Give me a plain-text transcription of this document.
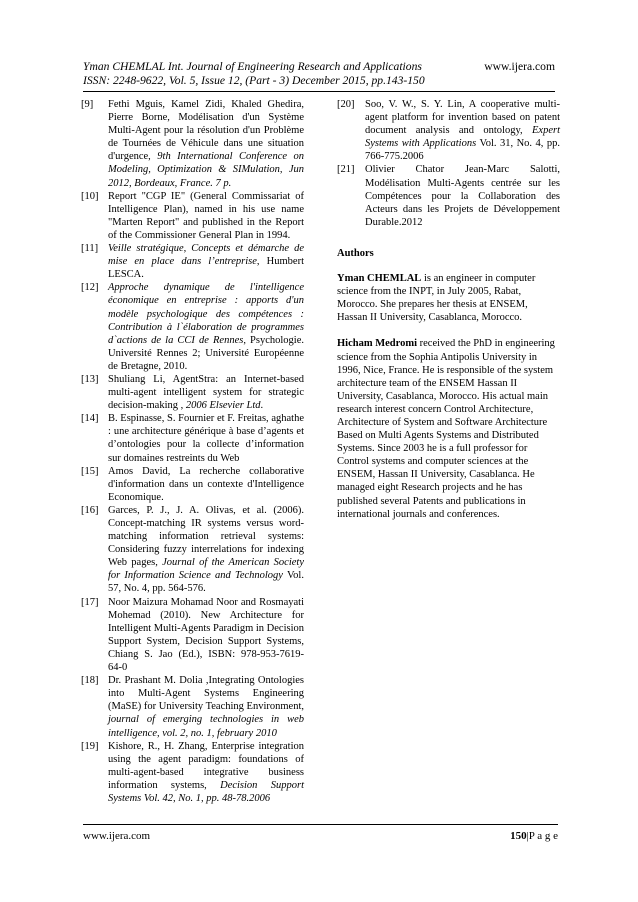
Yman CHEMLAL Int. Journal of Engineering Research and Applications	www.ijera.com
ISSN: 2248-9622, Vol. 5, Issue 12, (Part - 3) December 2015, pp.143-150
[9]	Fethi Mguis, Kamel Zidi, Khaled Ghedira, Pierre Borne, Modélisation d'un Système Multi-Agent pour la résolution d'un Problème de Tournées de Véhicule dans une situation d'urgence, 9th International Conference on Modeling, Optimization & SIMulation, Jun 2012, Bordeaux, France. 7 p.
[10] Report "CGP IE" (General Commissariat of Intelligence Plan), named in his use name "Marten Report" and published in the Report of the Commissioner General Plan in 1994.
[11] Veille stratégique, Concepts et démarche de mise en place dans l’entreprise, Humbert LESCA.
[12] Approche dynamique de l'intelligence économique en entreprise : apports d'un modèle psychologique des compétences : Contribution à l`élaboration de programmes d`actions de la CCI de Rennes, Psychologie. Université Rennes 2; Université Européenne de Bretagne, 2010.
[13] Shuliang Li, AgentStra: an Internet-based multi-agent intelligent system for strategic decision-making , 2006 Elsevier Ltd.
[14] B. Espinasse, S. Fournier et F. Freitas, aghathe : une architecture générique à base d’agents et d’ontologies pour la collecte d’information sur domaines restreints du Web
[15] Amos David, La recherche collaborative d'information dans un contexte d'Intelligence Economique.
[16] Garces, P. J., J. A. Olivas, et al. (2006). Concept-matching IR systems versus word-matching information retrieval systems: Considering fuzzy interrelations for indexing Web pages, Journal of the American Society for Information Science and Technology Vol. 57, No. 4, pp. 564-576.
[17] Noor Maizura Mohamad Noor and Rosmayati Mohemad (2010). New Architecture for Intelligent Multi-Agents Paradigm in Decision Support System, Decision Support Systems, Chiang S. Jao (Ed.), ISBN: 978-953-7619- 64-0
[18] Dr. Prashant M. Dolia ,Integrating Ontologies into Multi-Agent Systems Engineering (MaSE) for University Teaching Environment, journal of emerging technologies in web intelligence, vol. 2, no. 1, february 2010
[19] Kishore, R., H. Zhang, Enterprise integration using the agent paradigm: foundations of multi-agent-based integrative business information systems, Decision Support Systems Vol. 42, No. 1, pp. 48-78.2006
[20]	Soo, V. W., S. Y. Lin, A cooperative multi-agent platform for invention based on patent document analysis and ontology, Expert Systems with Applications Vol. 31, No. 4, pp. 766-775.2006
[21]	Olivier Chator Jean-Marc Salotti, Modélisation Multi-Agents centrée sur les Compétences pour la Collaboration des Acteurs dans les Projets de Développement Durable.2012
Authors
Yman CHEMLAL is an engineer in computer science from the INPT, in July 2005, Rabat, Morocco. She prepares her thesis at ENSEM, Hassan II University, Casablanca, Morocco.
Hicham Medromi received the PhD in engineering science from the Sophia Antipolis University in 1996, Nice, France. He is responsible of the system architecture team of the ENSEM Hassan II University, Casablanca, Morocco. His actual main research interest concern Control Architecture, Architecture of System and Software Architecture Based on Multi Agents Systems and Distributed Systems. Since 2003 he is a full professor for Control systems and computer sciences at the ENSEM, Hassan II University, Casablanca. He managed eight Research projects and he has published several Patents and publications in international journals and conferences.
www.ijera.com	150|P a g e
